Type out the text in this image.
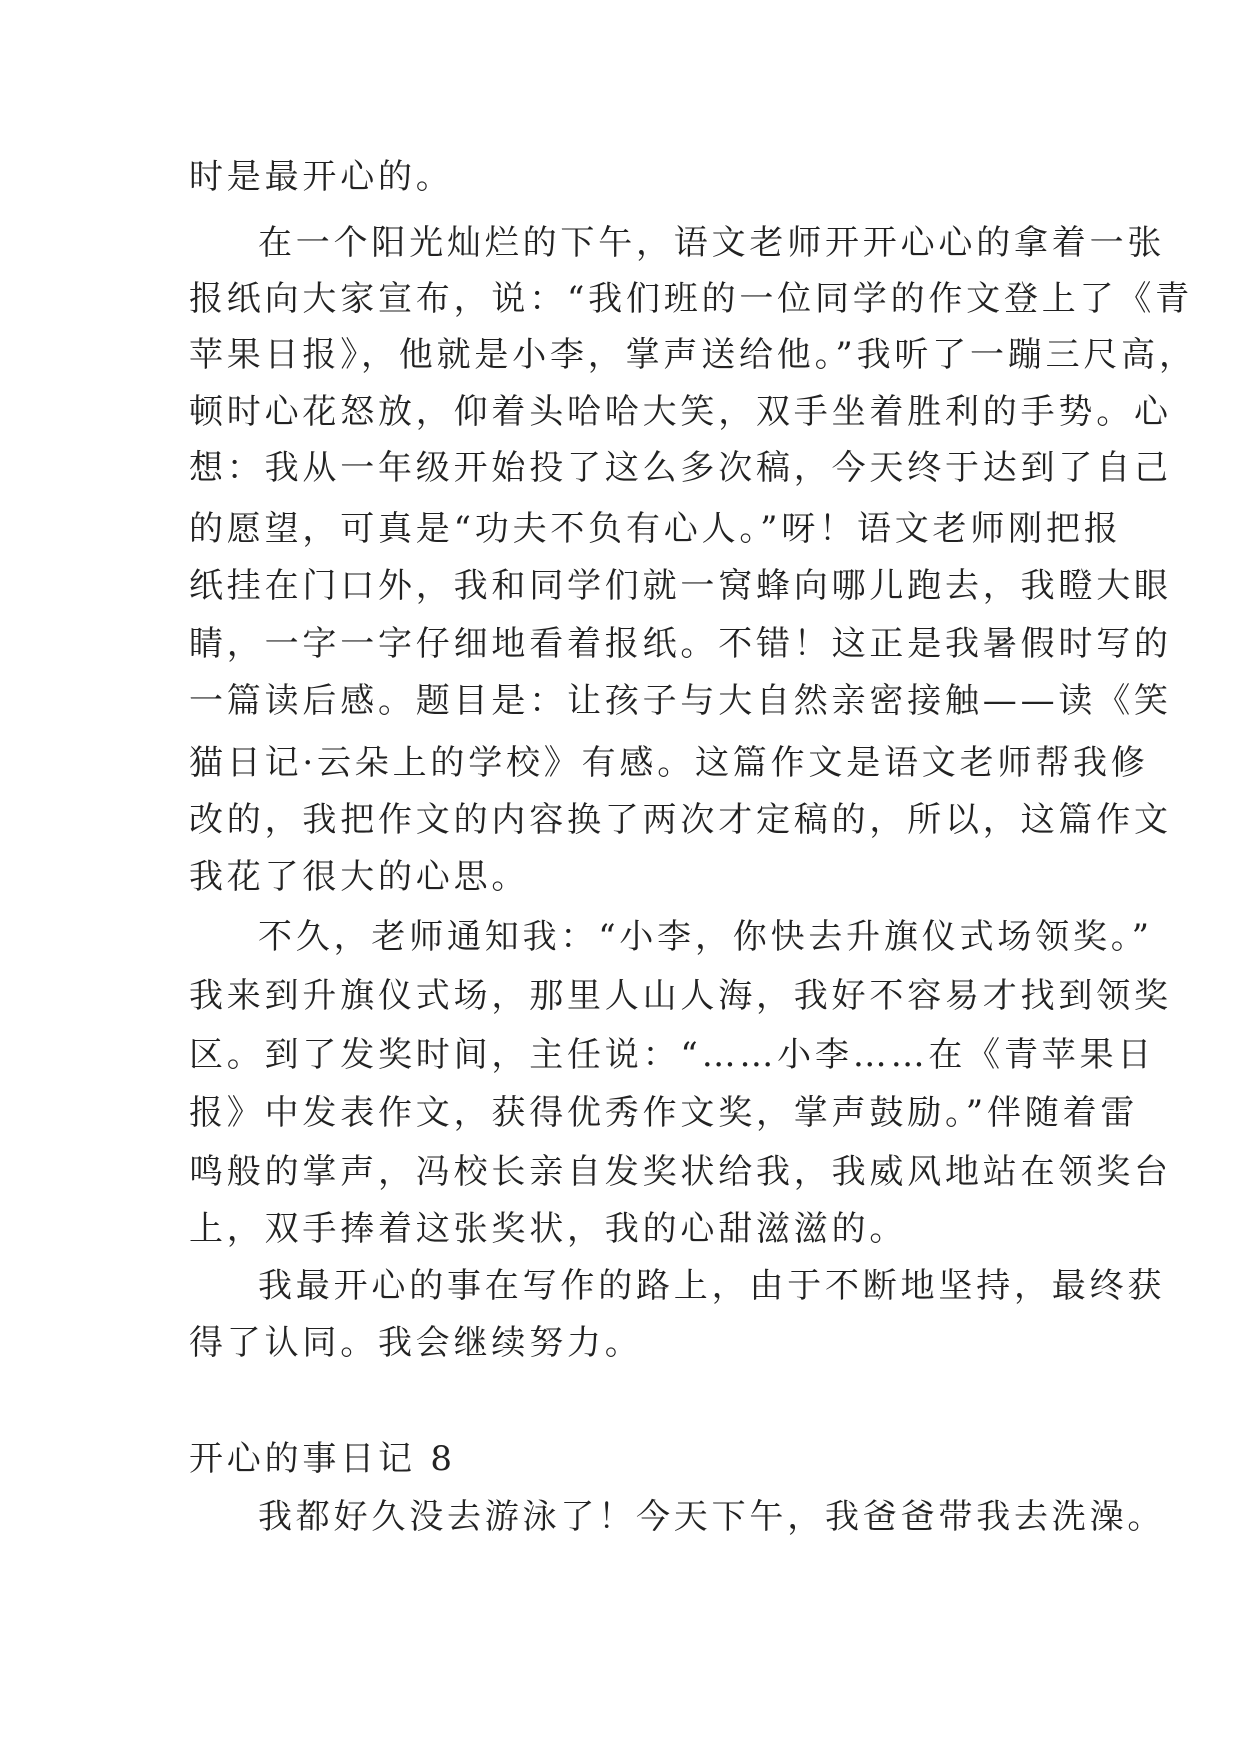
时是最开心的。
在一个阳光灿烂的下午，语文老师开开心心的拿着一张
报纸向大家宣布，说：“我们班的一位同学的作文登上了《青
苹果日报》，他就是小李，掌声送给他。”我听了一蹦三尺高，
顿时心花怒放，仰着头哈哈大笑，双手坐着胜利的手势。心
想：我从一年级开始投了这么多次稿，今天终于达到了自己
的愿望，可真是“功夫不负有心人。”呀！语文老师刚把报
纸挂在门口外，我和同学们就一窝蜂向哪儿跑去，我瞪大眼
睛，一字一字仔细地看着报纸。不错！这正是我暑假时写的
一篇读后感。题目是：让孩子与大自然亲密接触——读《笑
猫日记·云朵上的学校》有感。这篇作文是语文老师帮我修
改的，我把作文的内容换了两次才定稿的，所以，这篇作文
我花了很大的心思。
不久，老师通知我：“小李，你快去升旗仪式场领奖。”
我来到升旗仪式场，那里人山人海，我好不容易才找到领奖
区。到了发奖时间，主任说：“……小李……在《青苹果日
报》中发表作文，获得优秀作文奖，掌声鼓励。”伴随着雷
鸣般的掌声，冯校长亲自发奖状给我，我威风地站在领奖台
上，双手捧着这张奖状，我的心甜滋滋的。
我最开心的事在写作的路上，由于不断地坚持，最终获
得了认同。我会继续努力。
开心的事日记 8
我都好久没去游泳了！今天下午，我爸爸带我去洗澡。
